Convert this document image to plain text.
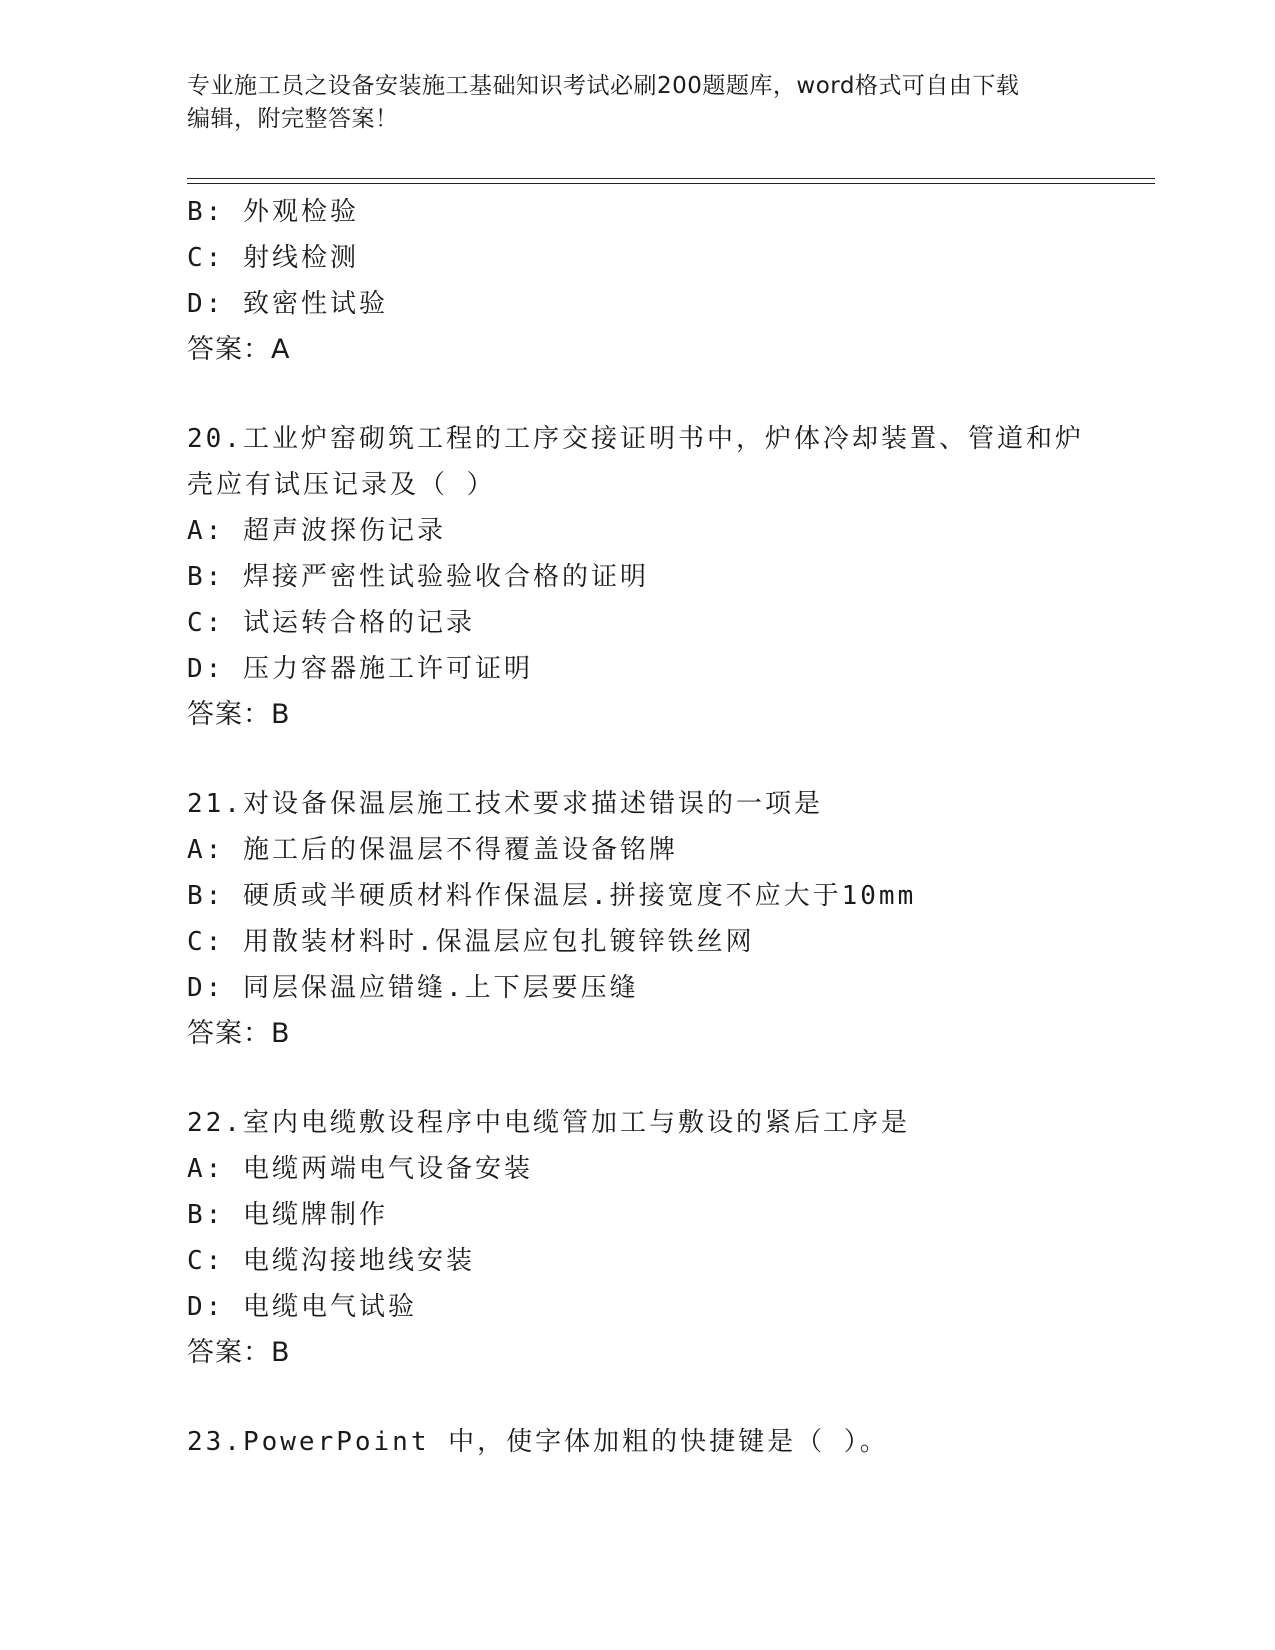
专业施工员之设备安装施工基础知识考试必刷200题题库，word格式可自由下载
编辑，附完整答案！
B: 外观检验
C: 射线检测
D: 致密性试验
答案：A
20.工业炉窑砌筑工程的工序交接证明书中，炉体冷却装置、管道和炉
壳应有试压记录及（ ）
A: 超声波探伤记录
B: 焊接严密性试验验收合格的证明
C: 试运转合格的记录
D: 压力容器施工许可证明
答案：B
21.对设备保温层施工技术要求描述错误的一项是
A: 施工后的保温层不得覆盖设备铭牌
B: 硬质或半硬质材料作保温层.拼接宽度不应大于10mm
C: 用散装材料时.保温层应包扎镀锌铁丝网
D: 同层保温应错缝.上下层要压缝
答案：B
22.室内电缆敷设程序中电缆管加工与敷设的紧后工序是
A: 电缆两端电气设备安装
B: 电缆牌制作
C: 电缆沟接地线安装
D: 电缆电气试验
答案：B
23.PowerPoint 中，使字体加粗的快捷键是（ ）。
